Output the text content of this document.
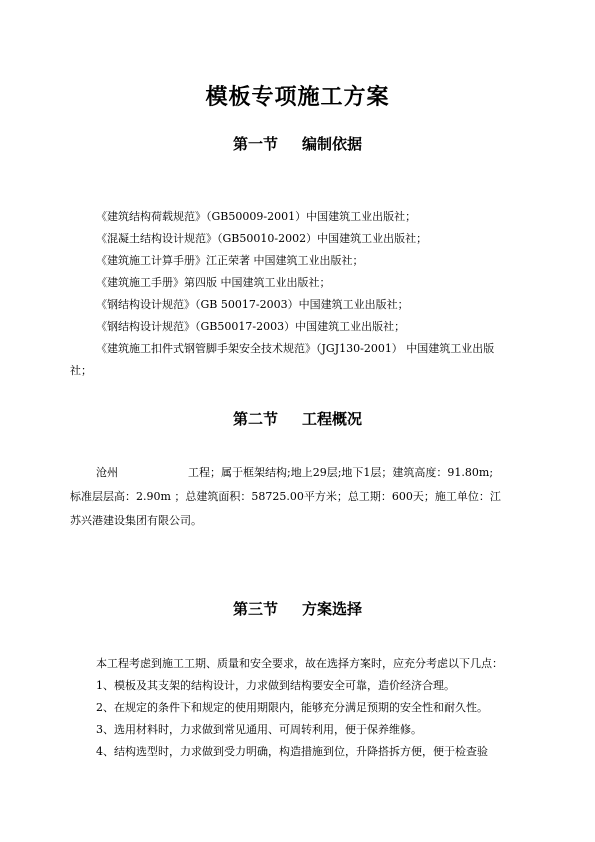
模板专项施工方案
第一节 编制依据
《建筑结构荷载规范》（GB50009-2001）中国建筑工业出版社；
《混凝土结构设计规范》（GB50010-2002）中国建筑工业出版社；
《建筑施工计算手册》江正荣著 中国建筑工业出版社；
《建筑施工手册》第四版 中国建筑工业出版社；
《钢结构设计规范》（GB 50017-2003）中国建筑工业出版社；
《钢结构设计规范》（GB50017-2003）中国建筑工业出版社；
《建筑施工扣件式钢管脚手架安全技术规范》（JGJ130-2001） 中国建筑工业出版
社；
第二节 工程概况
沧州	工程；属于框架结构;地上29层;地下1层；建筑高度：91.80m;
标准层层高：2.90m ；总建筑面积：58725.00平方米；总工期：600天；施工单位：江
苏兴港建设集团有限公司。
第三节 方案选择
本工程考虑到施工工期、质量和安全要求，故在选择方案时，应充分考虑以下几点：
1、模板及其支架的结构设计，力求做到结构要安全可靠，造价经济合理。
2、在规定的条件下和规定的使用期限内，能够充分满足预期的安全性和耐久性。
3、选用材料时，力求做到常见通用、可周转利用，便于保养维修。
4、结构选型时，力求做到受力明确，构造措施到位，升降搭拆方便，便于检查验
